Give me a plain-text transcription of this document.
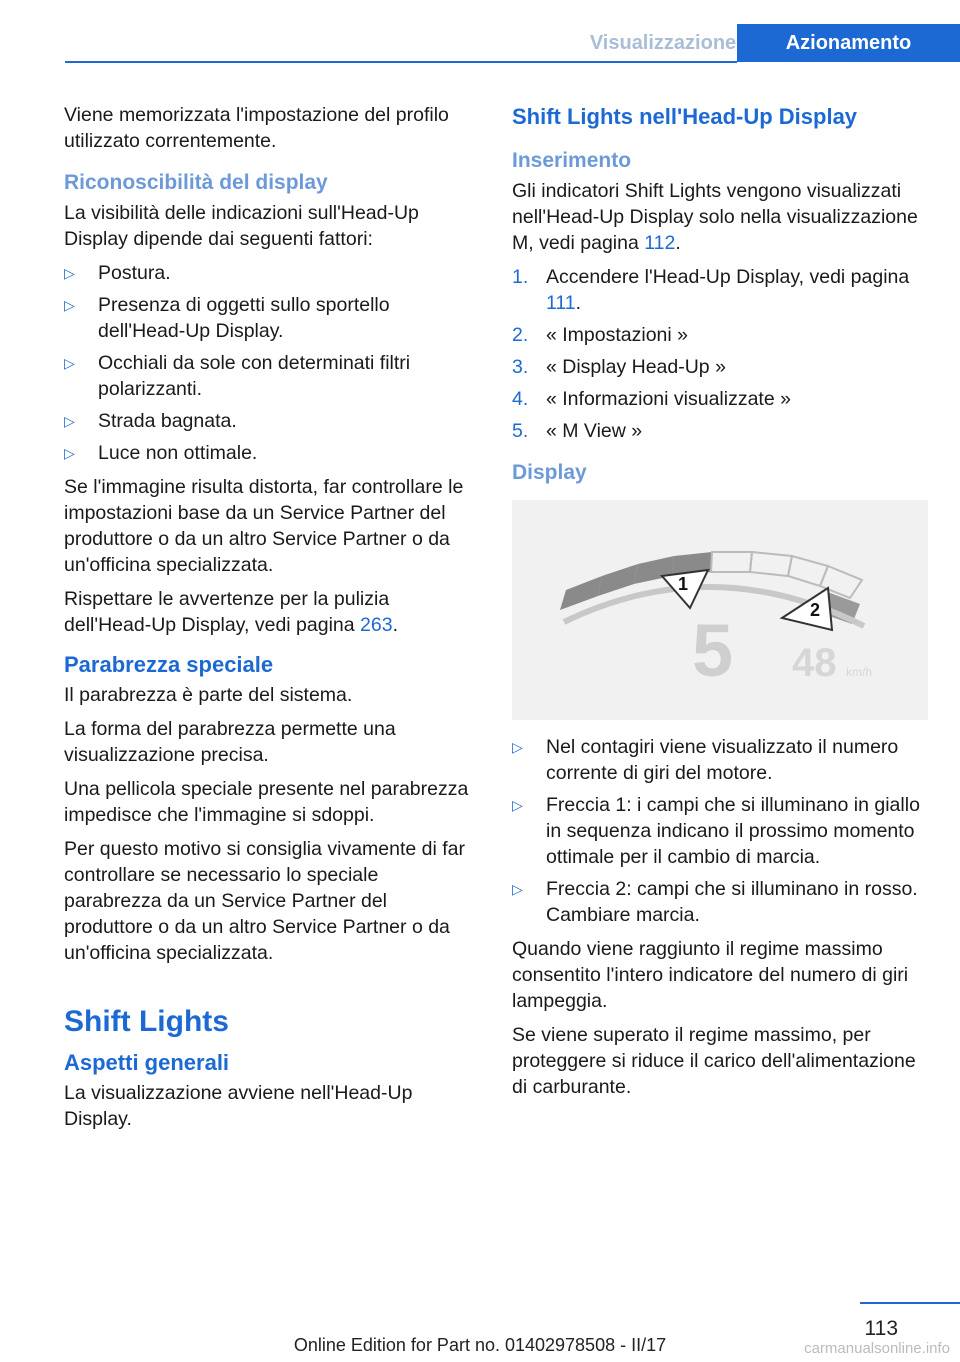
Visualizzazione	Azionamento

Viene memorizzata l'impostazione del profilo utilizzato correntemente.

Riconoscibilità del display

La visibilità delle indicazioni sull'Head-Up Display dipende dai seguenti fattori:

▷ Postura.
▷ Presenza di oggetti sullo sportello dell'Head-Up Display.
▷ Occhiali da sole con determinati filtri polarizzanti.
▷ Strada bagnata.
▷ Luce non ottimale.

Se l'immagine risulta distorta, far controllare le impostazioni base da un Service Partner del produttore o da un altro Service Partner o da un'officina specializzata.

Rispettare le avvertenze per la pulizia dell'Head-Up Display, vedi pagina 263.

Parabrezza speciale

Il parabrezza è parte del sistema.

La forma del parabrezza permette una visualizzazione precisa.

Una pellicola speciale presente nel parabrezza impedisce che l'immagine si sdoppi.

Per questo motivo si consiglia vivamente di far controllare se necessario lo speciale parabrezza da un Service Partner del produttore o da un altro Service Partner o da un'officina specializzata.

Shift Lights
Aspetti generali

La visualizzazione avviene nell'Head-Up Display.

Shift Lights nell'Head-Up Display
Inserimento

Gli indicatori Shift Lights vengono visualizzati nell'Head-Up Display solo nella visualizzazione M, vedi pagina 112.

1. Accendere l'Head-Up Display, vedi pagina 111.
2. « Impostazioni »
3. « Display Head-Up »
4. « Informazioni visualizzate »
5. « M View »
Display
1
2
5 48 km/h
▷ Nel contagiri viene visualizzato il numero corrente di giri del motore.
▷ Freccia 1: i campi che si illuminano in giallo in sequenza indicano il prossimo momento ottimale per il cambio di marcia.
▷ Freccia 2: campi che si illuminano in rosso. Cambiare marcia.

Quando viene raggiunto il regime massimo consentito l'intero indicatore del numero di giri lampeggia.

Se viene superato il regime massimo, per proteggere si riduce il carico dell'alimentazione di carburante.

113
Online Edition for Part no. 01402978508 - II/17	carmanualsonline.info
